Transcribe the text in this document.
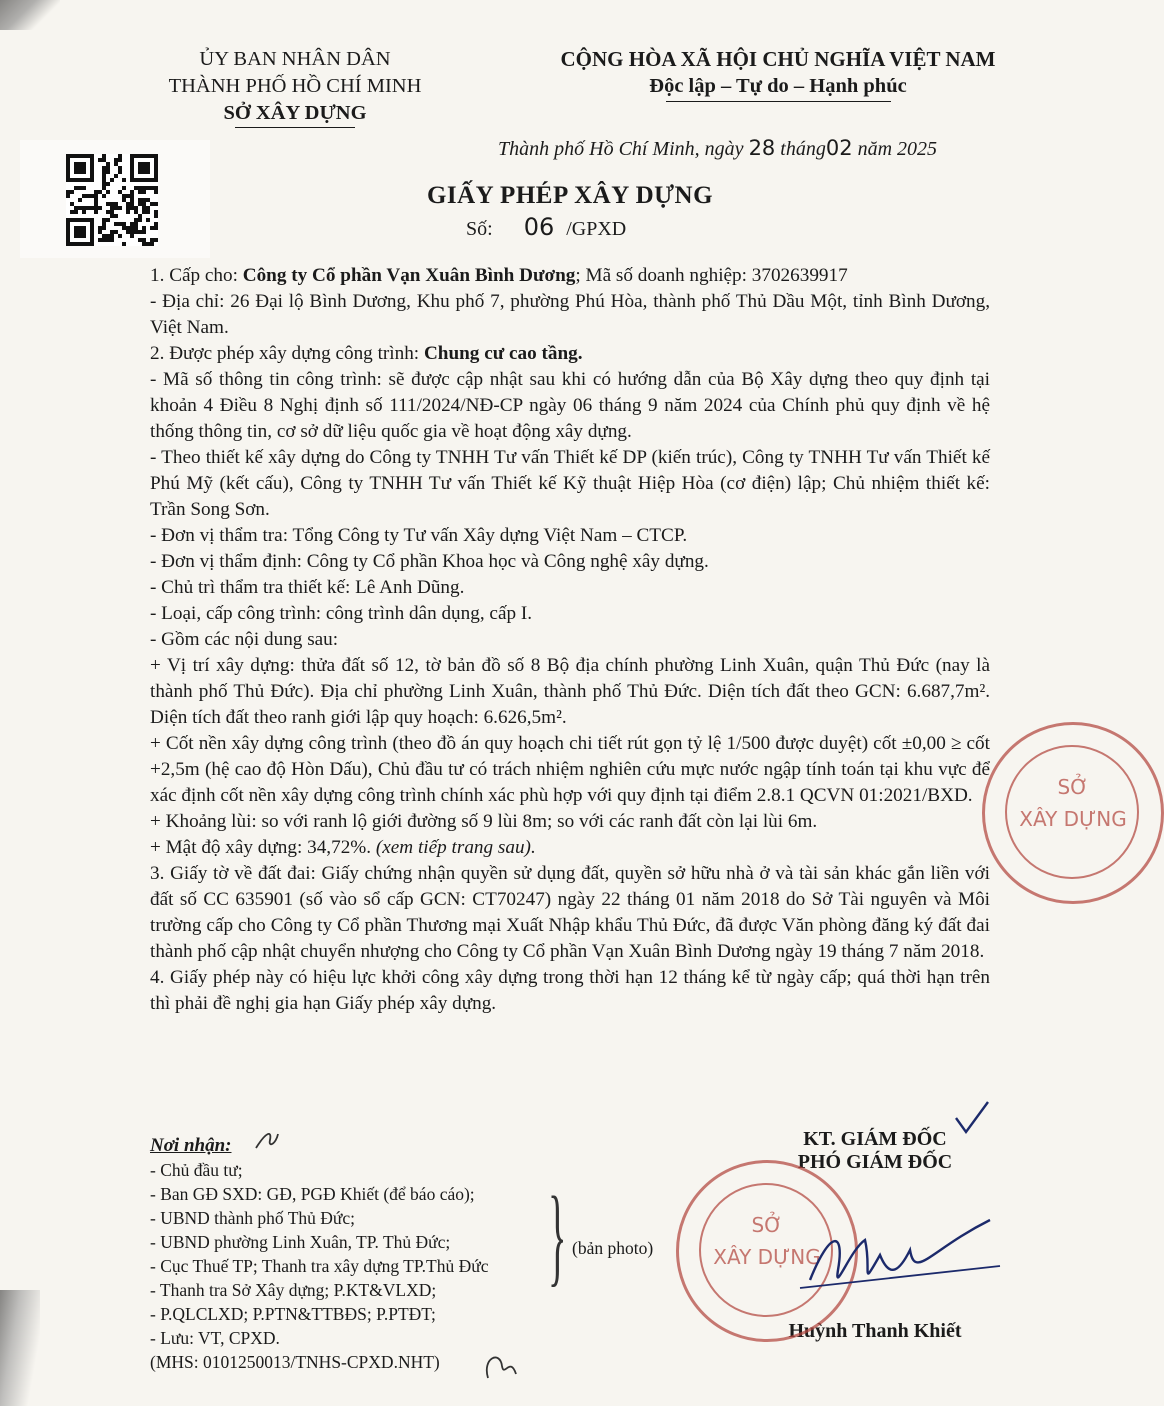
ỦY BAN NHÂN DÂN
THÀNH PHỐ HỒ CHÍ MINH
SỞ XÂY DỰNG
CỘNG HÒA XÃ HỘI CHỦ NGHĨA VIỆT NAM
Độc lập – Tự do – Hạnh phúc
Thành phố Hồ Chí Minh, ngày 28 tháng02 năm 2025
GIẤY PHÉP XÂY DỰNG
Số: 06 /GPXD

1. Cấp cho: Công ty Cổ phần Vạn Xuân Bình Dương; Mã số doanh nghiệp: 3702639917

- Địa chỉ: 26 Đại lộ Bình Dương, Khu phố 7, phường Phú Hòa, thành phố Thủ Dầu Một, tỉnh Bình Dương, Việt Nam.

2. Được phép xây dựng công trình: Chung cư cao tầng.

- Mã số thông tin công trình: sẽ được cập nhật sau khi có hướng dẫn của Bộ Xây dựng theo quy định tại khoản 4 Điều 8 Nghị định số 111/2024/NĐ-CP ngày 06 tháng 9 năm 2024 của Chính phủ quy định về hệ thống thông tin, cơ sở dữ liệu quốc gia về hoạt động xây dựng.

- Theo thiết kế xây dựng do Công ty TNHH Tư vấn Thiết kế DP (kiến trúc), Công ty TNHH Tư vấn Thiết kế Phú Mỹ (kết cấu), Công ty TNHH Tư vấn Thiết kế Kỹ thuật Hiệp Hòa (cơ điện) lập; Chủ nhiệm thiết kế: Trần Song Sơn.

- Đơn vị thẩm tra: Tổng Công ty Tư vấn Xây dựng Việt Nam – CTCP.

- Đơn vị thẩm định: Công ty Cổ phần Khoa học và Công nghệ xây dựng.

- Chủ trì thẩm tra thiết kế: Lê Anh Dũng.

- Loại, cấp công trình: công trình dân dụng, cấp I.

- Gồm các nội dung sau:

+ Vị trí xây dựng: thửa đất số 12, tờ bản đồ số 8 Bộ địa chính phường Linh Xuân, quận Thủ Đức (nay là thành phố Thủ Đức). Địa chỉ phường Linh Xuân, thành phố Thủ Đức. Diện tích đất theo GCN: 6.687,7m². Diện tích đất theo ranh giới lập quy hoạch: 6.626,5m².

+ Cốt nền xây dựng công trình (theo đồ án quy hoạch chi tiết rút gọn tỷ lệ 1/500 được duyệt) cốt ±0,00 ≥ cốt +2,5m (hệ cao độ Hòn Dấu), Chủ đầu tư có trách nhiệm nghiên cứu mực nước ngập tính toán tại khu vực để xác định cốt nền xây dựng công trình chính xác phù hợp với quy định tại điểm 2.8.1 QCVN 01:2021/BXD.

+ Khoảng lùi: so với ranh lộ giới đường số 9 lùi 8m; so với các ranh đất còn lại lùi 6m.

+ Mật độ xây dựng: 34,72%. (xem tiếp trang sau).

3. Giấy tờ về đất đai: Giấy chứng nhận quyền sử dụng đất, quyền sở hữu nhà ở và tài sản khác gắn liền với đất số CC 635901 (số vào sổ cấp GCN: CT70247) ngày 22 tháng 01 năm 2018 do Sở Tài nguyên và Môi trường cấp cho Công ty Cổ phần Thương mại Xuất Nhập khẩu Thủ Đức, đã được Văn phòng đăng ký đất đai thành phố cập nhật chuyển nhượng cho Công ty Cổ phần Vạn Xuân Bình Dương ngày 19 tháng 7 năm 2018.

4. Giấy phép này có hiệu lực khởi công xây dựng trong thời hạn 12 tháng kể từ ngày cấp; quá thời hạn trên thì phải đề nghị gia hạn Giấy phép xây dựng.

Nơi nhận:
- Chủ đầu tư;
- Ban GĐ SXD: GĐ, PGĐ Khiết (để báo cáo);
- UBND thành phố Thủ Đức;
- UBND phường Linh Xuân, TP. Thủ Đức;
- Cục Thuế TP; Thanh tra xây dựng TP.Thủ Đức
- Thanh tra Sở Xây dựng; P.KT&VLXD;
- P.QLCLXD; P.PTN&TTBĐS; P.PTĐT;
- Lưu: VT, CPXD.
(MHS: 0101250013/TNHS-CPXD.NHT)
} (bản photo)
KT. GIÁM ĐỐC
PHÓ GIÁM ĐỐC
Huỳnh Thanh Khiết
SỞ
XÂY DỰNG
SỞ
XÂY DỰNG
